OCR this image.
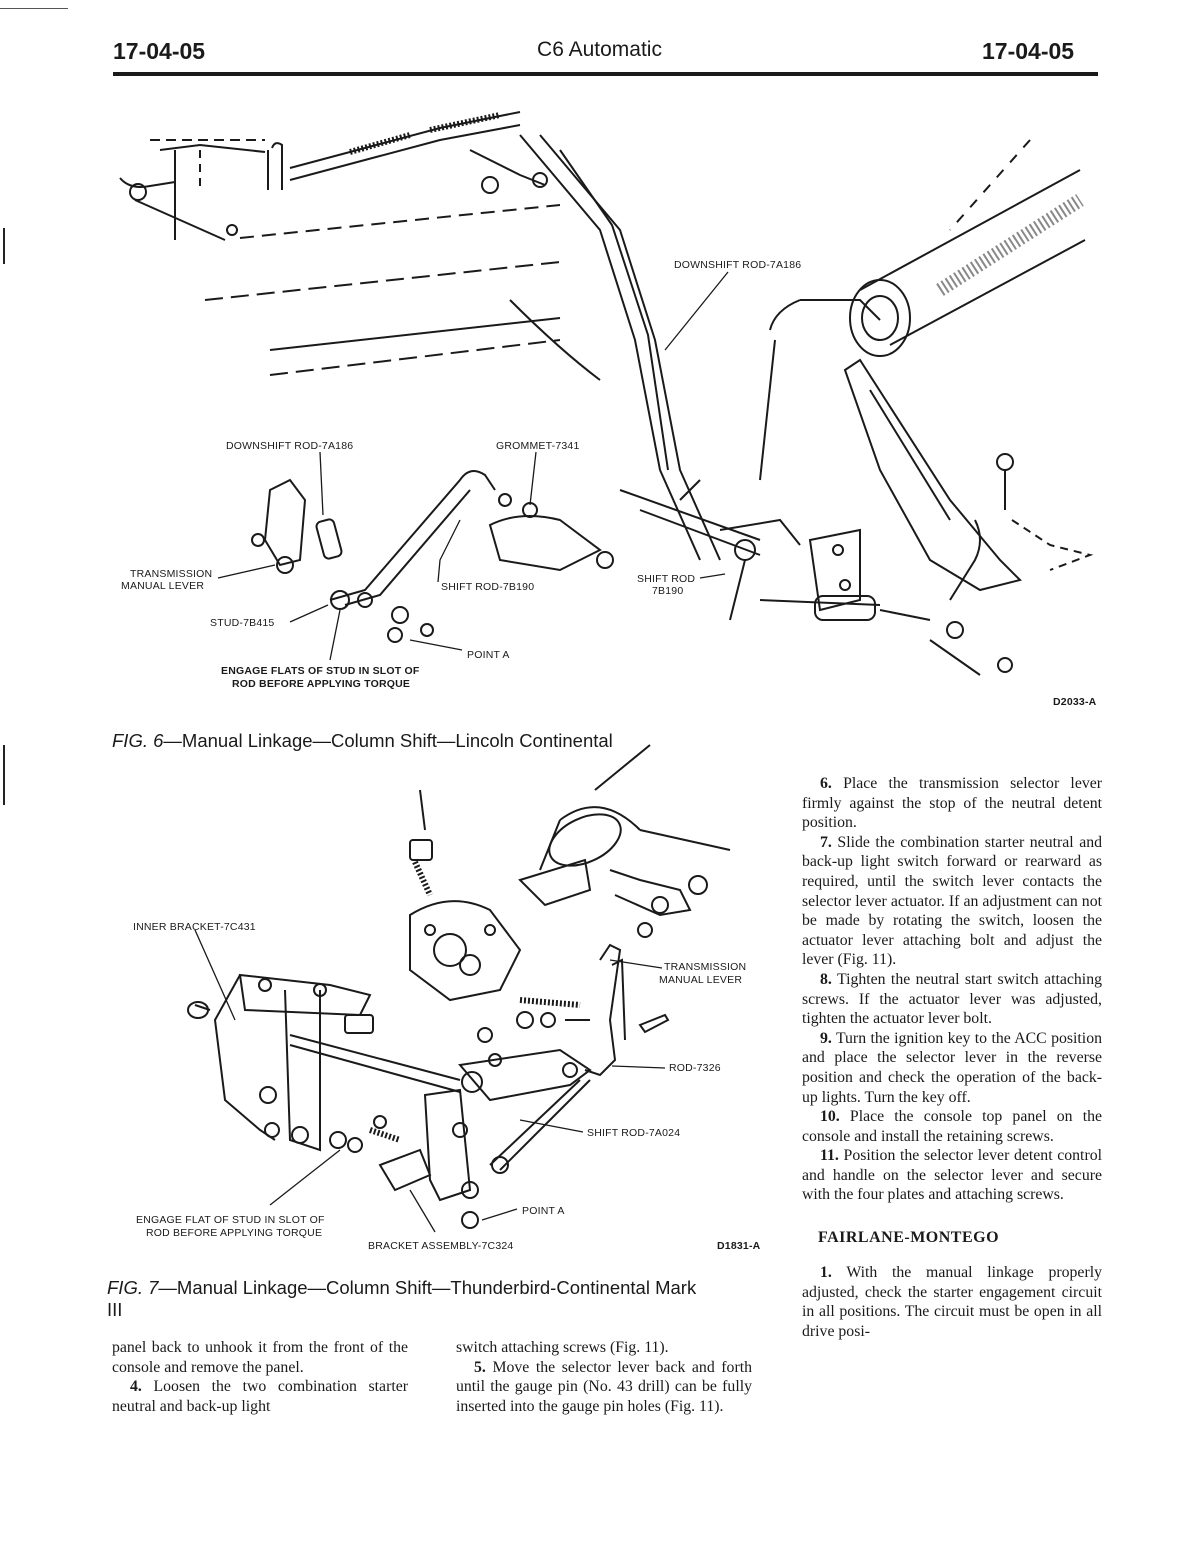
17-04-05	C6 Automatic	17-04-05
DOWNSHIFT ROD-7A186
DOWNSHIFT ROD-7A186	GROMMET-7341
TRANSMISSION
MANUAL LEVER	SHIFT ROD-7B190
SHIFT ROD
7B190
STUD-7B415
POINT A
ENGAGE FLATS OF STUD IN SLOT OF
ROD BEFORE APPLYING TORQUE
D2033-A
FIG. 6—Manual Linkage—Column Shift—Lincoln Continental
INNER BRACKET-7C431
TRANSMISSION
MANUAL LEVER
ROD-7326
SHIFT ROD-7A024
POINT A
ENGAGE FLAT OF STUD IN SLOT OF
ROD BEFORE APPLYING TORQUE
BRACKET ASSEMBLY-7C324	D1831-A
FIG. 7—Manual Linkage—Column Shift—Thunderbird-Continental Mark
III

6. Place the transmission selector lever firmly against the stop of the neutral detent position.

7. Slide the combination starter neutral and back-up light switch forward or rearward as required, until the switch lever contacts the selector lever actuator. If an adjustment can not be made by rotating the switch, loosen the actuator lever attaching bolt and adjust the lever (Fig. 11).

8. Tighten the neutral start switch attaching screws. If the actuator lever was adjusted, tighten the actuator lever bolt.

9. Turn the ignition key to the ACC position and place the selector lever in the reverse position and check the operation of the back-up lights. Turn the key off.

10. Place the console top panel on the console and install the retaining screws.

11. Position the selector lever detent control and handle on the selector lever and secure with the four plates and attaching screws.

FAIRLANE-MONTEGO

1. With the manual linkage properly adjusted, check the starter engagement circuit in all positions. The circuit must be open in all drive posi-

panel back to unhook it from the front of the console and remove the panel.

4. Loosen the two combination starter neutral and back-up light

switch attaching screws (Fig. 11).

5. Move the selector lever back and forth until the gauge pin (No. 43 drill) can be fully inserted into the gauge pin holes (Fig. 11).
